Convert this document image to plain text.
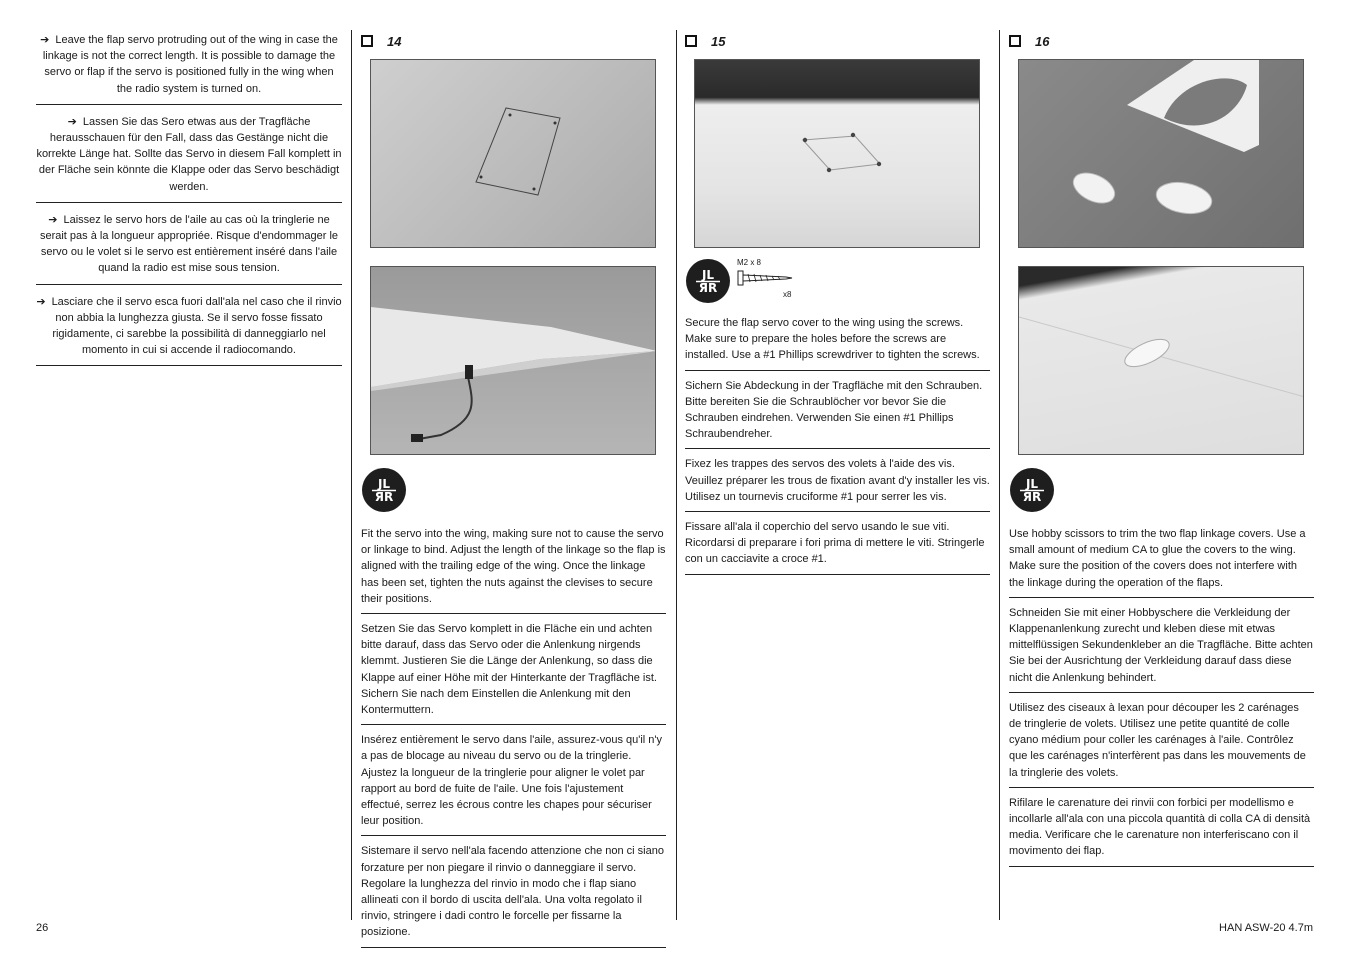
➔ Leave the flap servo protruding out of the wing in case the linkage is not the correct length. It is possible to damage the servo or flap if the servo is positioned fully in the wing when the radio system is turned on.
➔ Lassen Sie das Sero etwas aus der Tragfläche herausschauen für den Fall, dass das Gestänge nicht die korrekte Länge hat. Sollte das Servo in diesem Fall komplett in der Fläche sein könnte die Klappe oder das Servo beschädigt werden.
➔ Laissez le servo hors de l'aile au cas où la tringlerie ne serait pas à la longueur appropriée. Risque d'endommager le servo ou le volet si le servo est entièrement inséré dans l'aile quand la radio est mise sous tension.
➔ Lasciare che il servo esca fuori dall'ala nel caso che il rinvio non abbia la lunghezza giusta. Se il servo fosse fissato rigidamente, ci sarebbe la possibilità di danneggiarlo nel momento in cui si accende il radiocomando.
14
JL
ЯR
Fit the servo into the wing, making sure not to cause the servo or linkage to bind. Adjust the length of the linkage so the flap is aligned with the trailing edge of the wing. Once the linkage has been set, tighten the nuts against the clevises to secure their positions.
Setzen Sie das Servo komplett in die Fläche ein und achten bitte darauf, dass das Servo oder die Anlenkung nirgends klemmt. Justieren Sie die Länge der Anlenkung, so dass die Klappe auf einer Höhe mit der Hinterkante der Tragfläche ist. Sichern Sie nach dem Einstellen die Anlenkung mit den Kontermuttern.
Insérez entièrement le servo dans l'aile, assurez-vous qu'il n'y a pas de blocage au niveau du servo ou de la tringlerie. Ajustez la longueur de la tringlerie pour aligner le volet par rapport au bord de fuite de l'aile. Une fois l'ajustement effectué, serrez les écrous contre les chapes pour sécuriser leur position.
Sistemare il servo nell'ala facendo attenzione che non ci siano forzature per non piegare il rinvio o danneggiare il servo. Regolare la lunghezza del rinvio in modo che i flap siano allineati con il bordo di uscita dell'ala. Una volta regolato il rinvio, stringere i dadi contro le forcelle per fissarne la posizione.
15
JL
ЯR
M2 x 8
x8
Secure the flap servo cover to the wing using the screws. Make sure to prepare the holes before the screws are installed. Use a #1 Phillips screwdriver to tighten the screws.
Sichern Sie Abdeckung in der Tragfläche mit den Schrauben. Bitte bereiten Sie die Schraublöcher vor bevor Sie die Schrauben eindrehen. Verwenden Sie einen #1 Phillips Schraubendreher.
Fixez les trappes des servos des volets à l'aide des vis. Veuillez préparer les trous de fixation avant d'y installer les vis. Utilisez un tournevis cruciforme #1 pour serrer les vis.
Fissare all'ala il coperchio del servo usando le sue viti. Ricordarsi di preparare i fori prima di mettere le viti. Stringerle con un cacciavite a croce #1.
16
JL
ЯR
Use hobby scissors to trim the two flap linkage covers. Use a small amount of medium CA to glue the covers to the wing. Make sure the position of the covers does not interfere with the linkage during the operation of the flaps.
Schneiden Sie mit einer Hobbyschere die Verkleidung der Klappenanlenkung zurecht und kleben diese mit etwas mittelflüssigen Sekundenkleber an die Tragfläche. Bitte achten Sie bei der Ausrichtung der Verkleidung darauf dass diese nicht die Anlenkung behindert.
Utilisez des ciseaux à lexan pour découper les 2 carénages de tringlerie de volets. Utilisez une petite quantité de colle cyano médium pour coller les carénages à l'aile. Contrôlez que les carénages n'interfèrent pas dans les mouvements de la tringlerie des volets.
Rifilare le carenature dei rinvii con forbici per modellismo e incollarle all'ala con una piccola quantità di colla CA di densità media. Verificare che le carenature non interferiscano con il movimento dei flap.
26	HAN ASW-20 4.7m
